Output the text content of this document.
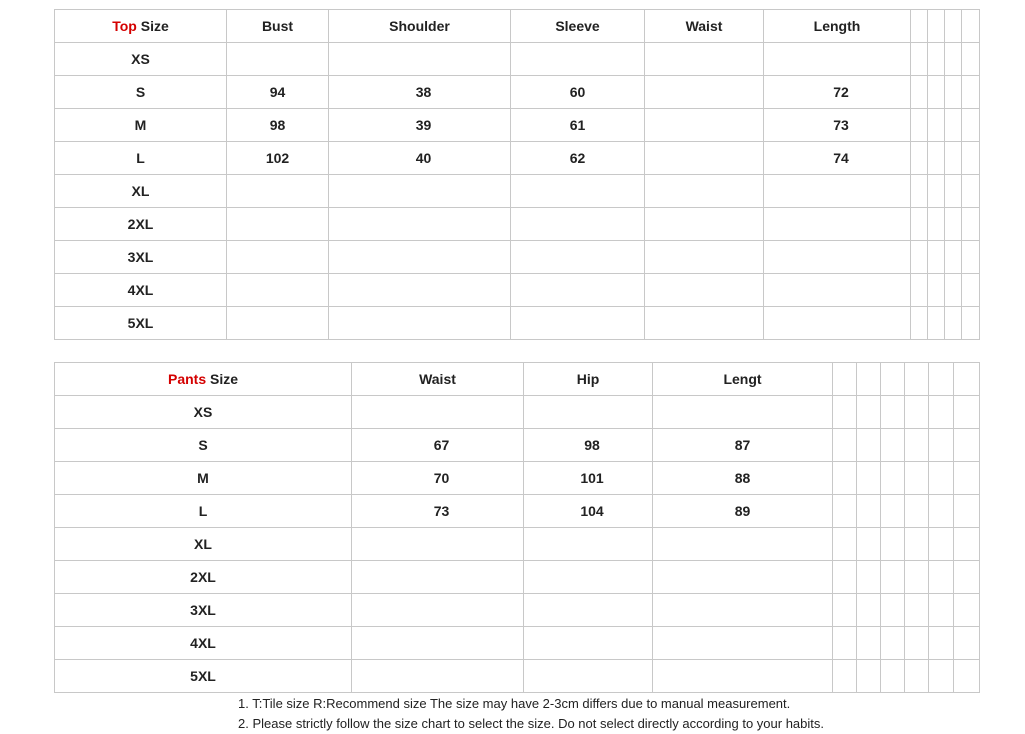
Top Size	Bust	Shoulder	Sleeve	Waist	Length				
XS									
S	94	38	60		72				
M	98	39	61		73				
L	102	40	62		74				
XL									
2XL									
3XL									
4XL									
5XL									
Pants Size	Waist	Hip	Lengt						
XS									
S	67	98	87						
M	70	101	88						
L	73	104	89						
XL									
2XL									
3XL									
4XL									
5XL									
1. T:Tile size R:Recommend size The size may have 2-3cm differs due to manual measurement.
2. Please strictly follow the size chart to select the size. Do not select directly according to your habits.
